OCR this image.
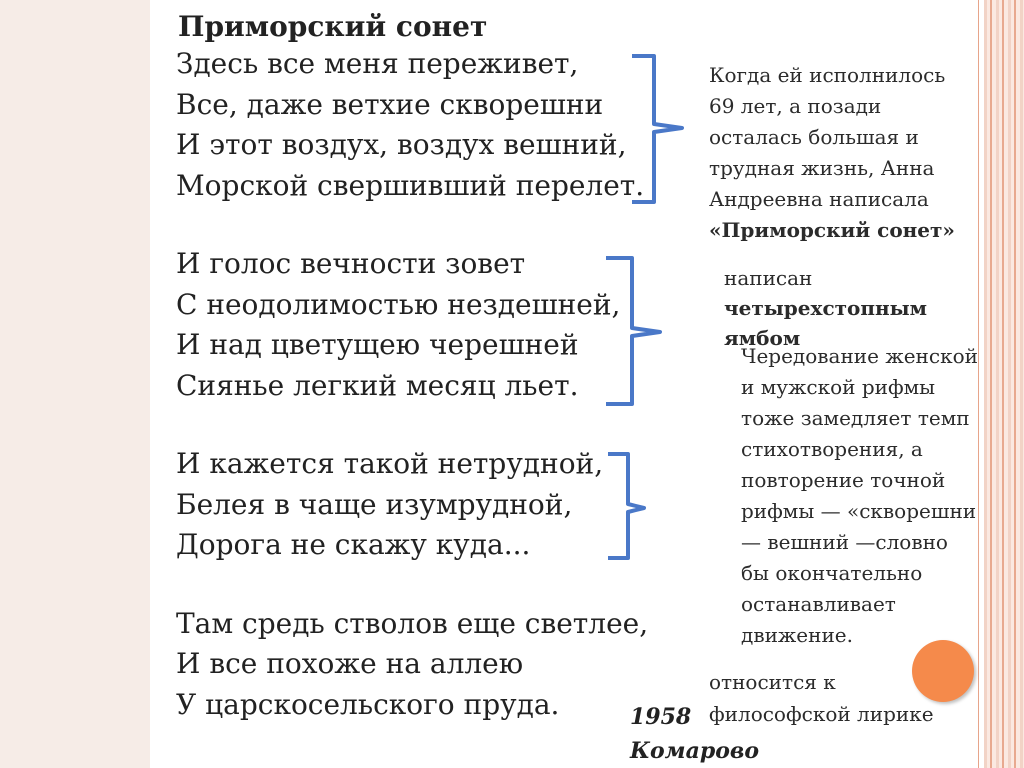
Приморский сонет
Здесь все меня переживет,
Все, даже ветхие скворешни
И этот воздух, воздух вешний,
Морской свершивший перелет.
И голос вечности зовет
С неодолимостью нездешней,
И над цветущею черешней
Сиянье легкий месяц льет.
И кажется такой нетрудной,
Белея в чаще изумрудной,
Дорога не скажу куда...
Там средь стволов еще светлее,
И все похоже на аллею
У царскосельского пруда.
Когда ей исполнилось
69 лет, а позади
осталась большая и
трудная жизнь, Анна
Андреевна написала
«Приморский сонет»
написан
четырехстопным
ямбом
Чередование женской
и мужской рифмы
тоже замедляет темп
стихотворения, а
повторение точной
рифмы — «скворешни
— вешний —словно
бы окончательно
останавливает
движение.
относится к
философской лирике
1958
Комарово
